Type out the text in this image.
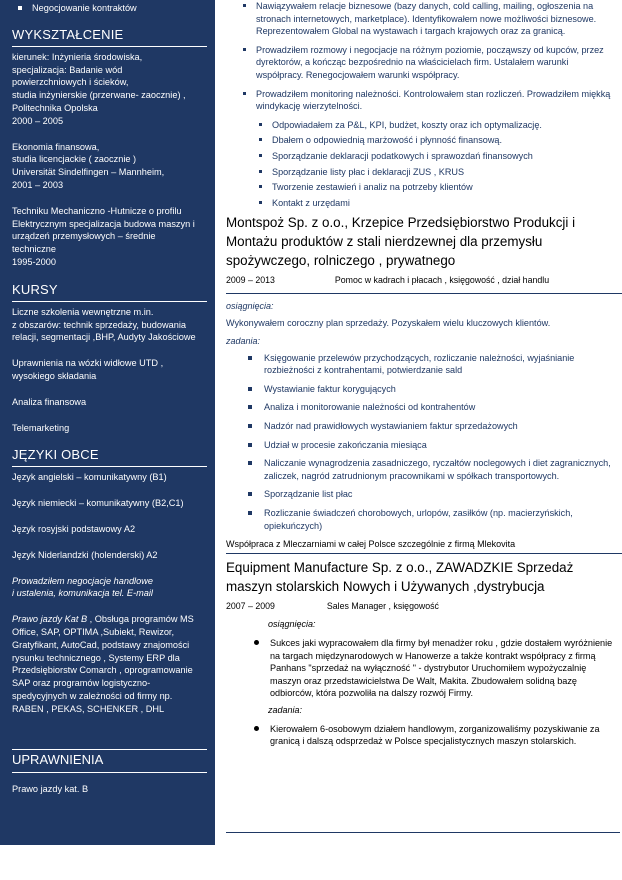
Negocjowanie kontraktów
WYKSZTAŁCENIE
kierunek: Inżynieria środowiska,
specjalizacja: Badanie wód
powierzchniowych i ścieków,
studia inżynierskie (przerwane- zaocznie) ,
Politechnika Opolska
2000 – 2005
Ekonomia finansowa,
studia licencjackie ( zaocznie )
Universität Sindelfingen – Mannheim,
2001 – 2003
Techniku Mechaniczno -Hutnicze o profilu
Elektrycznym specjalizacja budowa maszyn i
urządzeń przemysłowych – średnie
techniczne
1995-2000
KURSY
Liczne szkolenia wewnętrzne m.in.
z obszarów: technik sprzedaży, budowania
relacji, segmentacji ,BHP, Audyty Jakościowe
Uprawnienia na wózki widłowe UTD ,
wysokiego składania
Analiza finansowa
Telemarketing
JĘZYKI OBCE
Język angielski – komunikatywny (B1)
Język niemiecki – komunikatywny (B2,C1)
Język rosyjski podstawowy A2
Język Niderlandzki (holenderski) A2
Prowadziłem negocjacje handlowe
i ustalenia, komunikacja tel. E-mail
Prawo jazdy Kat B , Obsługa programów MS
Office, SAP, OPTIMA ,Subiekt, Rewizor,
Gratyfikant, AutoCad, podstawy znajomości
rysunku technicznego , Systemy ERP dla
Przedsiębiorstw Comarch , oprogramowanie
SAP oraz programów logistyczno-
spedycyjnych w zależności od firmy np.
RABEN , PEKAS, SCHENKER , DHL
UPRAWNIENIA
Prawo jazdy kat. B
Nawiązywałem relacje biznesowe (bazy danych, cold calling, mailing, ogłoszenia na stronach internetowych, marketplace). Identyfikowałem nowe możliwości biznesowe. Reprezentowałem Global na wystawach i targach krajowych oraz za granicą.
Prowadziłem rozmowy i negocjacje na różnym poziomie, począwszy od kupców, przez dyrektorów, a kończąc bezpośrednio na właścicielach firm. Ustalałem warunki współpracy. Renegocjowałem warunki współpracy.
Prowadziłem monitoring należności. Kontrolowałem stan rozliczeń. Prowadziłem miękką windykację wierzytelności.
Odpowiadałem za P&L, KPI, budżet, koszty oraz ich optymalizację.
Dbałem o odpowiednią marżowość i płynność finansową.
Sporządzanie deklaracji podatkowych i sprawozdań finansowych
Sporządzanie listy płac i deklaracji ZUS , KRUS
Tworzenie zestawień i analiz na potrzeby klientów
Kontakt z urzędami
Montspoż Sp. z o.o., Krzepice Przedsiębiorstwo Produkcji i Montażu produktów z stali nierdzewnej dla przemysłu spożywczego, rolniczego , prywatnego
2009 – 2013	Pomoc w kadrach i płacach , księgowość , dział handlu
osiągnięcia:
Wykonywałem coroczny plan sprzedaży. Pozyskałem wielu kluczowych klientów.
zadania:
Księgowanie przelewów przychodzących, rozliczanie należności, wyjaśnianie rozbieżności z kontrahentami, potwierdzanie sald
Wystawianie faktur korygujących
Analiza i monitorowanie należności od kontrahentów
Nadzór nad prawidłowych wystawianiem faktur sprzedażowych
Udział w procesie zakończania miesiąca
Naliczanie wynagrodzenia zasadniczego, ryczałtów noclegowych i diet zagranicznych, zaliczek, nagród zatrudnionym pracownikami w spółkach transportowych.
Sporządzanie list płac
Rozliczanie świadczeń chorobowych, urlopów, zasiłków (np. macierzyńskich, opiekuńczych)
Współpraca z Mleczarniami w całej Polsce szczególnie z firmą Mlekovita
Equipment Manufacture Sp. z o.o., ZAWADZKIE Sprzedaż maszyn stolarskich Nowych i Używanych ,dystrybucja
2007 – 2009	Sales Manager , księgowość
osiągnięcia:
Sukces jaki wypracowałem dla firmy był menadżer roku , gdzie dostałem wyróżnienie na targach międzynarodowych w Hanowerze a także kontrakt współpracy z firmą Panhans "sprzedaż na wyłączność " - dystrybutor Uruchomiłem wypożyczalnię maszyn oraz przedstawicielstwa De Walt, Makita. Zbudowałem solidną bazę odbiorców, która pozwoliła na dalszy rozwój Firmy.
zadania:
Kierowałem 6-osobowym działem handlowym, zorganizowaliśmy pozyskiwanie za granicą i dalszą odsprzedaż w Polsce specjalistycznych maszyn stolarskich.
